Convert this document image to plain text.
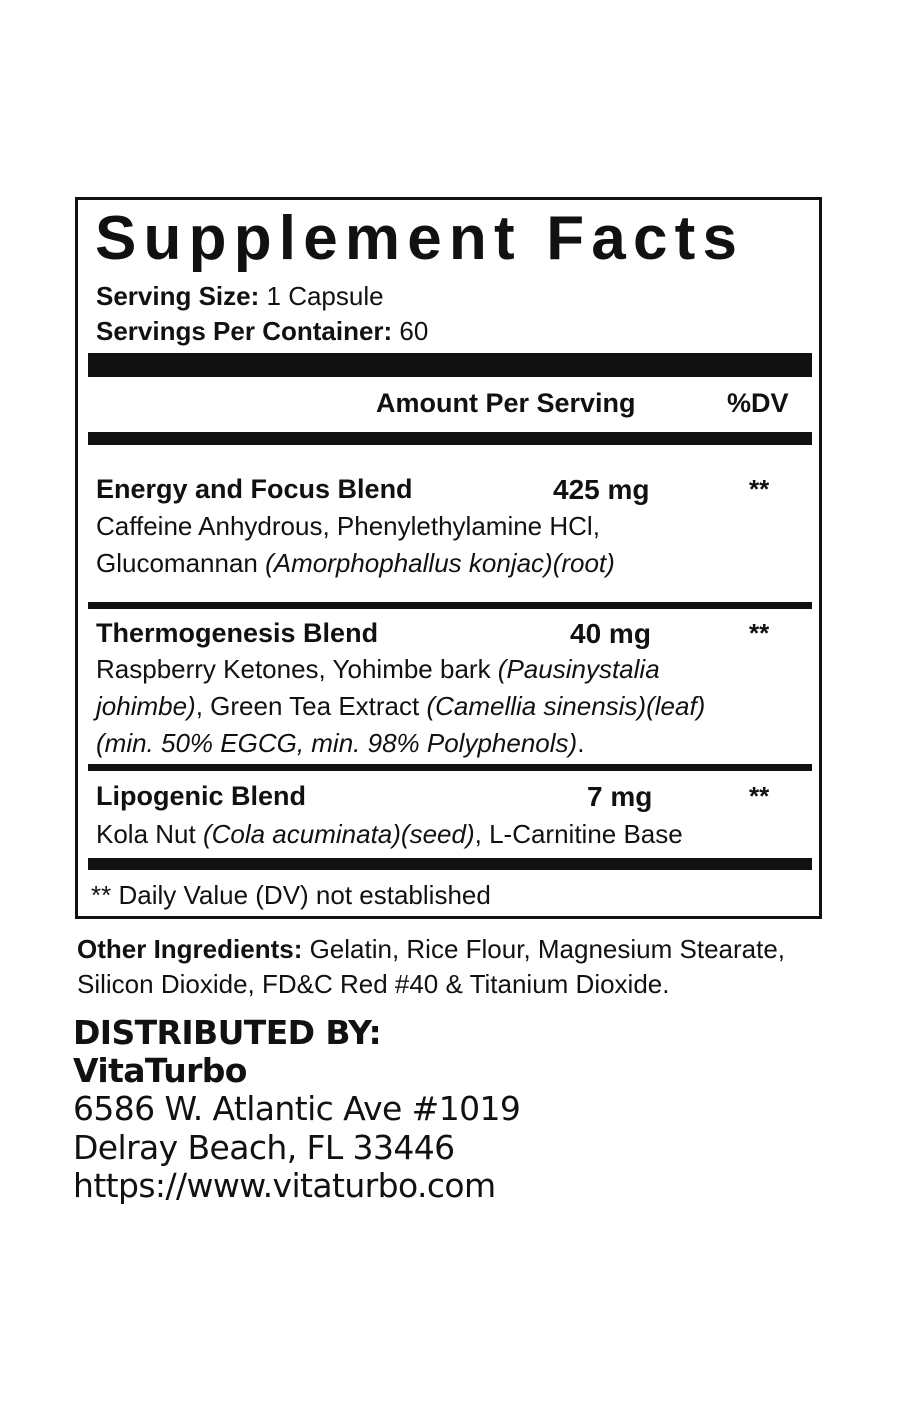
Supplement Facts
Serving Size: 1 Capsule
Servings Per Container: 60
Amount Per Serving	%DV
Energy and Focus Blend	425 mg	**
Caffeine Anhydrous, Phenylethylamine HCl,
Glucomannan (Amorphophallus konjac)(root)
Thermogenesis Blend	40 mg	**
Raspberry Ketones, Yohimbe bark (Pausinystalia
johimbe), Green Tea Extract (Camellia sinensis)(leaf)
(min. 50% EGCG, min. 98% Polyphenols).
Lipogenic Blend	7 mg	**
Kola Nut (Cola acuminata)(seed), L-Carnitine Base
** Daily Value (DV) not established
Other Ingredients: Gelatin, Rice Flour, Magnesium Stearate,
Silicon Dioxide, FD&C Red #40 & Titanium Dioxide.
DISTRIBUTED BY:
VitaTurbo
6586 W. Atlantic Ave #1019
Delray Beach, FL 33446
https://www.vitaturbo.com
